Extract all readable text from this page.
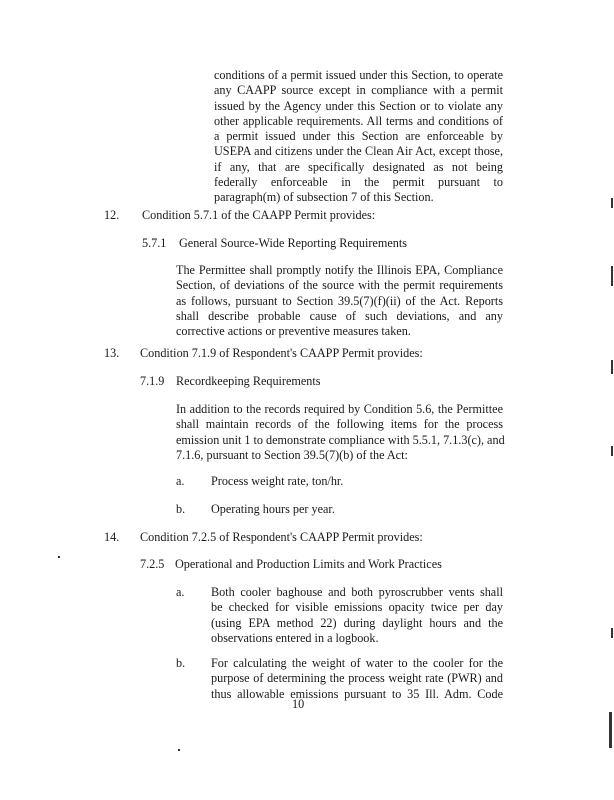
conditions of a permit issued under this Section, to operate
any CAAPP source except in compliance with a permit
issued by the Agency under this Section or to violate any
other applicable requirements. All terms and conditions of
a permit issued under this Section are enforceable by
USEPA and citizens under the Clean Air Act, except those,
if any, that are specifically designated as not being
federally enforceable in the permit pursuant to
paragraph(m) of subsection 7 of this Section.
12. Condition 5.7.1 of the CAAPP Permit provides:
5.7.1 General Source-Wide Reporting Requirements
The Permittee shall promptly notify the Illinois EPA, Compliance
Section, of deviations of the source with the permit requirements
as follows, pursuant to Section 39.5(7)(f)(ii) of the Act. Reports
shall describe probable cause of such deviations, and any
corrective actions or preventive measures taken.
13. Condition 7.1.9 of Respondent's CAAPP Permit provides:
7.1.9 Recordkeeping Requirements
In addition to the records required by Condition 5.6, the Permittee
shall maintain records of the following items for the process
emission unit 1 to demonstrate compliance with 5.5.1, 7.1.3(c), and
7.1.6, pursuant to Section 39.5(7)(b) of the Act:
a. Process weight rate, ton/hr.
b. Operating hours per year.
14. Condition 7.2.5 of Respondent's CAAPP Permit provides:
7.2.5 Operational and Production Limits and Work Practices
a. Both cooler baghouse and both pyroscrubber vents shall
be checked for visible emissions opacity twice per day
(using EPA method 22) during daylight hours and the
observations entered in a logbook.
b. For calculating the weight of water to the cooler for the
purpose of determining the process weight rate (PWR) and
thus allowable emissions pursuant to 35 Ill. Adm. Code
10
